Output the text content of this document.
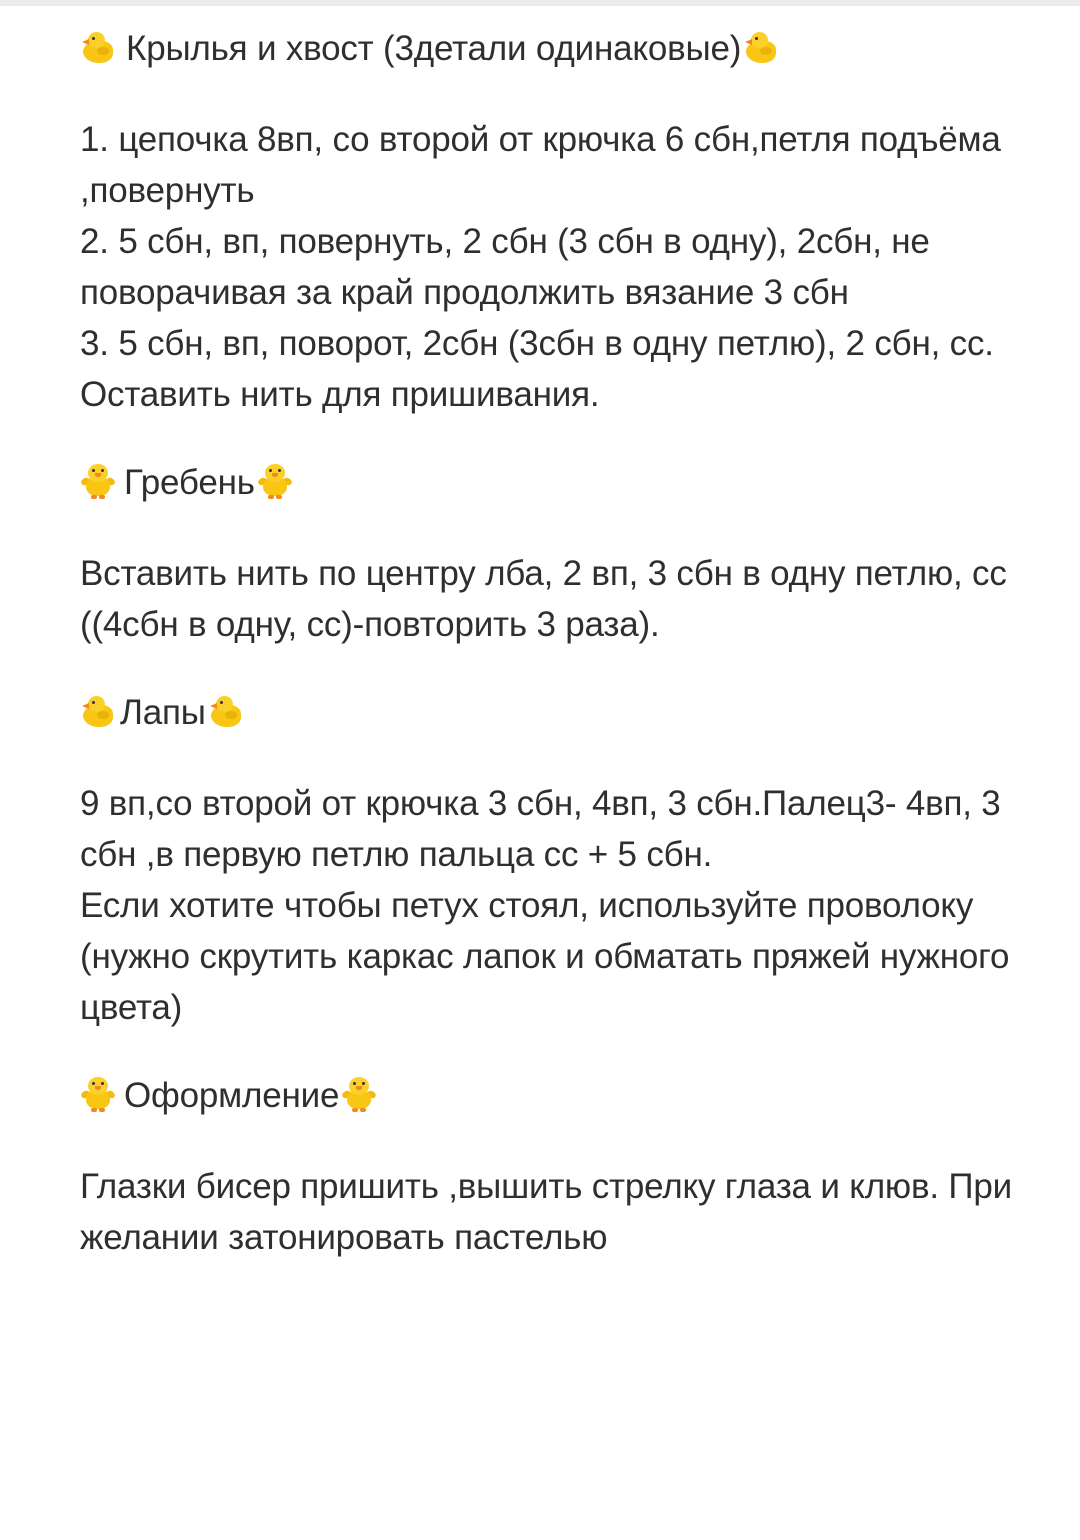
Крылья и хвост (3детали одинаковые)

1. цепочка 8вп, со второй от крючка 6 сбн,петля подъёма ,повернуть

2. 5 сбн, вп, повернуть, 2 сбн (3 сбн в одну), 2сбн, не поворачивая за край продолжить вязание 3 сбн

3. 5 сбн, вп, поворот, 2сбн (3сбн в одну петлю), 2 сбн, сс. Оставить нить для пришивания.

Гребень

Вставить нить по центру лба, 2 вп, 3 сбн в одну петлю, сс ((4сбн в одну, сс)-повторить 3 раза).

Лапы

9 вп,со второй от крючка 3 сбн, 4вп, 3 сбн.Палец3- 4вп, 3 сбн ,в первую петлю пальца сс + 5 сбн.

Если хотите чтобы петух стоял, используйте проволоку (нужно скрутить каркас лапок и обматать пряжей нужного цвета)

Оформление

Глазки бисер пришить ,вышить стрелку глаза и клюв. При желании затонировать пастелью
